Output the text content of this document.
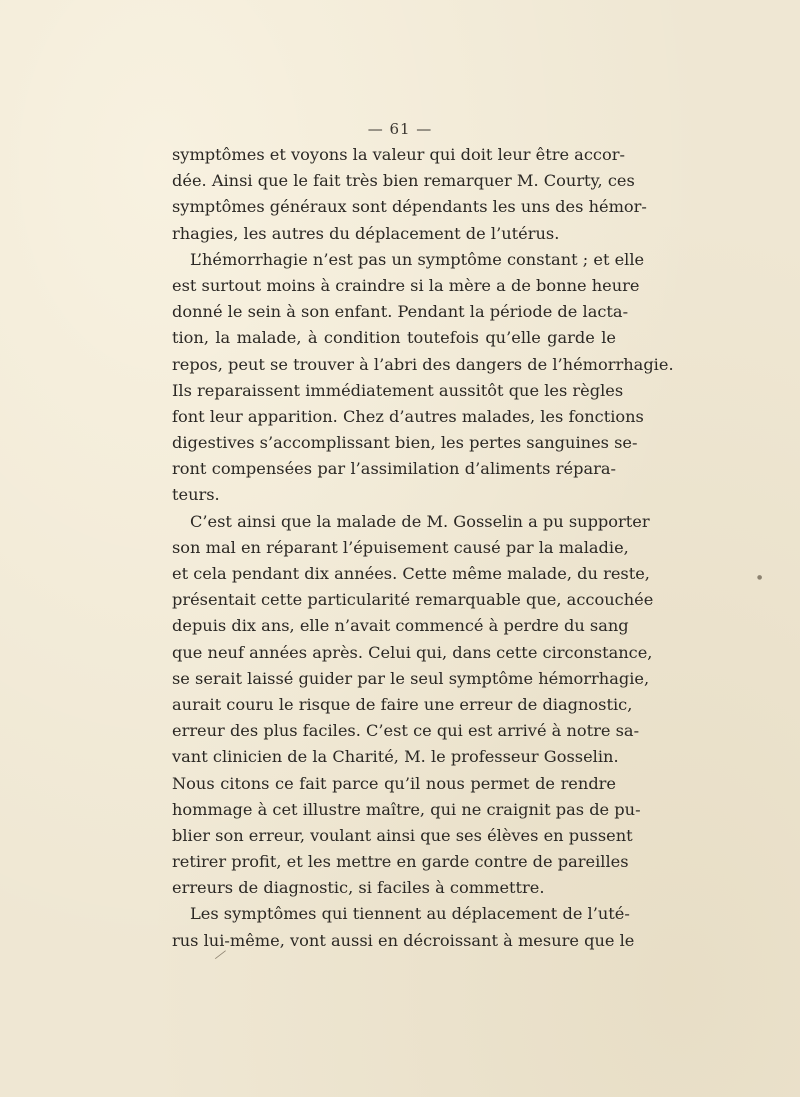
— 61 —
symptômes et voyons la valeur qui doit leur être accor-
dée. Ainsi que le fait très bien remarquer M. Courty, ces
symptômes généraux sont dépendants les uns des hémor-
rhagies, les autres du déplacement de l’utérus.
L’hémorrhagie n’est pas un symptôme constant ; et elle
est surtout moins à craindre si la mère a de bonne heure
donné le sein à son enfant. Pendant la période de lacta-
tion, la malade, à condition toutefois qu’elle garde le
repos, peut se trouver à l’abri des dangers de l’hémorrhagie.
Ils reparaissent immédiatement aussitôt que les règles
font leur apparition. Chez d’autres malades, les fonctions
digestives s’accomplissant bien, les pertes sanguines se-
ront compensées par l’assimilation d’aliments répara-
teurs.
C’est ainsi que la malade de M. Gosselin a pu supporter
son mal en réparant l’épuisement causé par la maladie,
et cela pendant dix années. Cette même malade, du reste,
présentait cette particularité remarquable que, accouchée
depuis dix ans, elle n’avait commencé à perdre du sang
que neuf années après. Celui qui, dans cette circonstance,
se serait laissé guider par le seul symptôme hémorrhagie,
aurait couru le risque de faire une erreur de diagnostic,
erreur des plus faciles. C’est ce qui est arrivé à notre sa-
vant clinicien de la Charité, M. le professeur Gosselin.
Nous citons ce fait parce qu’il nous permet de rendre
hommage à cet illustre maître, qui ne craignit pas de pu-
blier son erreur, voulant ainsi que ses élèves en pussent
retirer profit, et les mettre en garde contre de pareilles
erreurs de diagnostic, si faciles à commettre.
Les symptômes qui tiennent au déplacement de l’uté-
rus lui-même, vont aussi en décroissant à mesure que le
╱
●
